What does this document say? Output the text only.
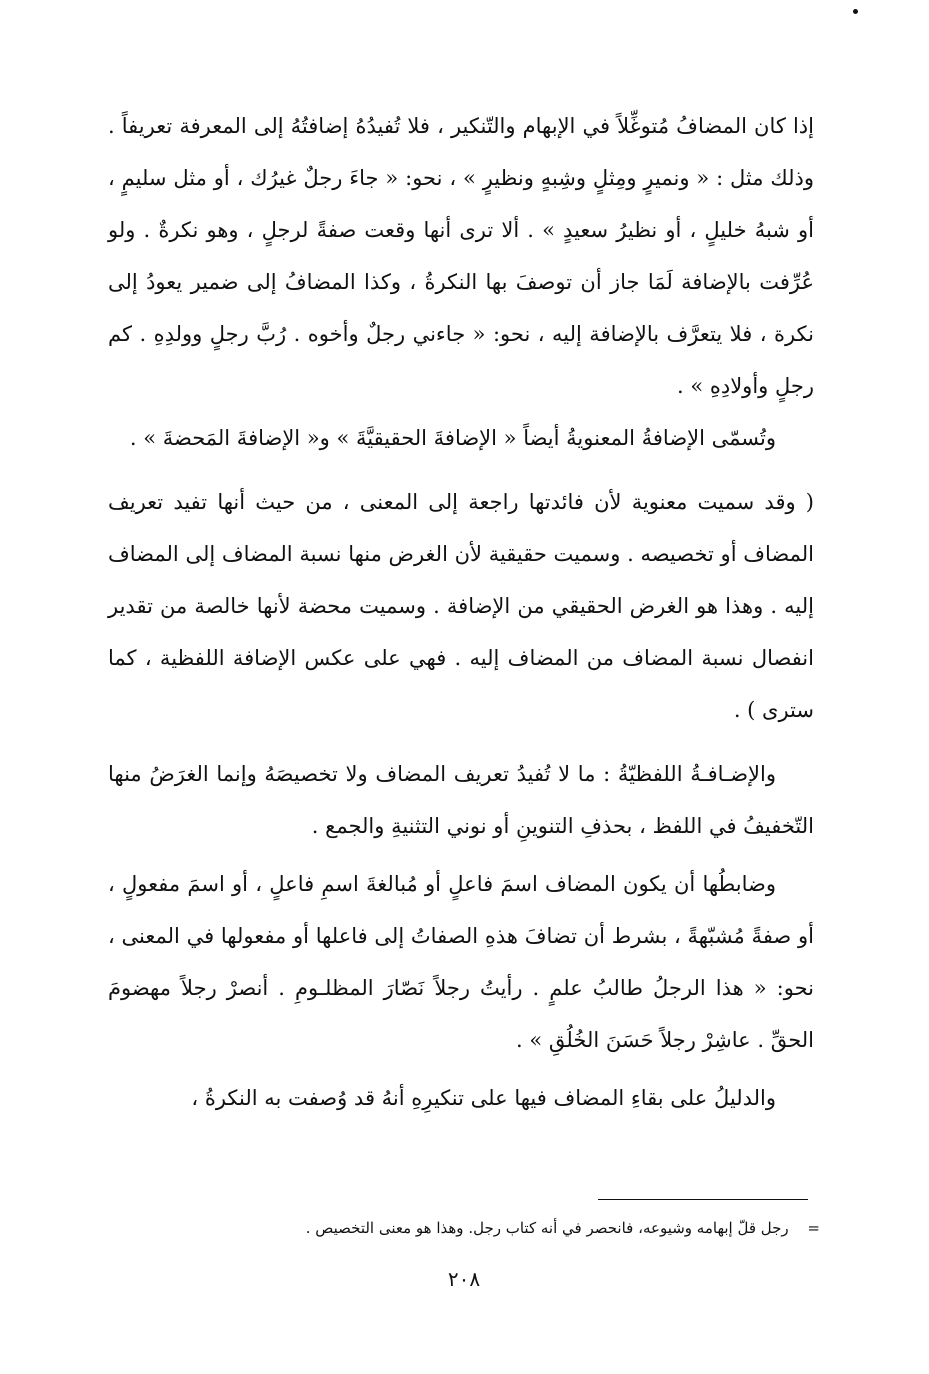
إذا كان المضافُ مُتوغِّلاً في الإبهام والتّنكير ، فلا تُفيدُهُ إضافتُهُ إلى المعرفة تعريفاً . وذلك مثل : « ونميرٍ ومِثلٍ وشِبهٍ ونظيرٍ » ، نحو: « جاءَ رجلٌ غيرُك ، أو مثل سليمٍ ، أو شبهُ خليلٍ ، أو نظيرُ سعيدٍ » . ألا ترى أنها وقعت صفةً لرجلٍ ، وهو نكرةٌ . ولو عُرِّفت بالإضافة لَمَا جاز أن توصفَ بها النكرةُ ، وكذا المضافُ إلى ضمير يعودُ إلى نكرة ، فلا يتعرَّف بالإضافة إليه ، نحو: « جاءني رجلٌ وأخوه . رُبَّ رجلٍ وولدِهِ . كم رجلٍ وأولادِهِ » .

وتُسمّى الإضافةُ المعنويةُ أيضاً « الإضافةَ الحقيقيَّةَ » و« الإضافةَ المَحضةَ » .

( وقد سميت معنوية لأن فائدتها راجعة إلى المعنى ، من حيث أنها تفيد تعريف المضاف أو تخصيصه . وسميت حقيقية لأن الغرض منها نسبة المضاف إلى المضاف إليه . وهذا هو الغرض الحقيقي من الإضافة . وسميت محضة لأنها خالصة من تقدير انفصال نسبة المضاف من المضاف إليه . فهي على عكس الإضافة اللفظية ، كما سترى ) .

والإضـافـةُ اللفظيّةُ : ما لا تُفيدُ تعريف المضاف ولا تخصيصَهُ وإنما الغرَضُ منها التّخفيفُ في اللفظ ، بحذفِ التنوينِ أو نوني التثنيةِ والجمع .

وضابطُها أن يكون المضاف اسمَ فاعلٍ أو مُبالغةَ اسمِ فاعلٍ ، أو اسمَ مفعولٍ ، أو صفةً مُشبّهةً ، بشرط أن تضافَ هذهِ الصفاتُ إلى فاعلها أو مفعولها في المعنى ، نحو: « هذا الرجلُ طالبُ علمٍ . رأيتُ رجلاً نَصّارَ المظلـومِ . أنصرْ رجلاً مهضومَ الحقِّ . عاشِرْ رجلاً حَسَنَ الخُلُقِ » .

والدليلُ على بقاءِ المضاف فيها على تنكيرِهِ أنهُ قد وُصفت به النكرةُ ،

= رجل قلّ إبهامه وشيوعه، فانحصر في أنه كتاب رجل. وهذا هو معنى التخصيص .
٢٠٨
